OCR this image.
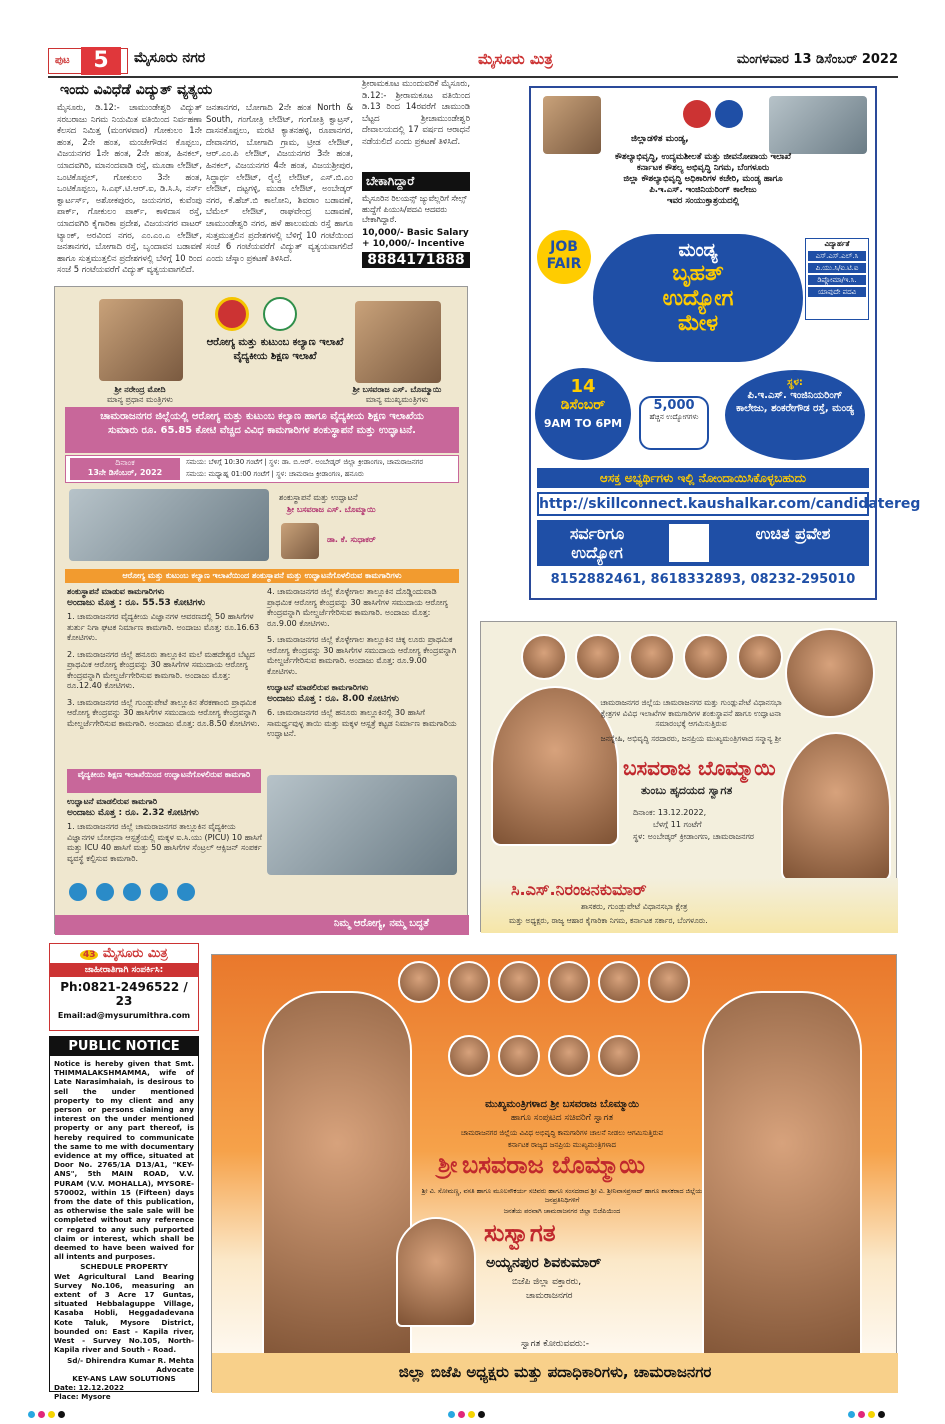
ಪುಟ	5	ಮೈಸೂರು ನಗರ	ಮೈಸೂರು ಮಿತ್ರ	ಮಂಗಳವಾರ 13 ಡಿಸೆಂಬರ್ 2022
ಇಂದು ವಿವಿಧೆಡೆ ವಿದ್ಯುತ್ ವ್ಯತ್ಯಯ
ಮೈಸೂರು, ಡಿ.12:- ಚಾಮುಂಡೇಶ್ವರಿ ವಿದ್ಯುತ್ ಸರಬರಾಜು ನಿಗಮ ನಿಯಮಿತ ವತಿಯಿಂದ ನಿರ್ವಹಣಾ ಕೆಲಸದ ನಿಮಿತ್ತ (ಮಂಗಳವಾರ) ಗೋಕುಲಂ 1ನೇ ಹಂತ, 2ನೇ ಹಂತ, ಮಂಚೇಗೌಡನ ಕೊಪ್ಪಲು, ವಿಜಯನಗರ 1ನೇ ಹಂತ, 2ನೇ ಹಂತ, ಹಿನಕಲ್, ಯಾದವಗಿರಿ, ಮಾನಂದವಾಡಿ ರಸ್ತೆ, ಮೂಡಾ ಲೇಔಟ್, ಒಂಟಿಕೊಪ್ಪಲ್, ಗೋಕುಲಂ 3ನೇ ಹಂತ, ಒಂಟಿಕೊಪ್ಪಲು, ಸಿ.ಎಫ್.ಟಿ.ಆರ್.ಐ, ಡಿ.ಸಿ.ಸಿ, ನರ್ಸ್ ಕ್ವಾರ್ಟರ್ಸ್, ಅಶೋಕಪುರಂ, ಜಯನಗರ, ಕುವೆಂಪು ಪಾರ್ಕ್, ಗೋಕುಲಂ ಪಾರ್ಕ್, ಕಾಳಿದಾಸ ರಸ್ತೆ, ಯಾದವಗಿರಿ ಕೈಗಾರಿಕಾ ಪ್ರದೇಶ, ವಿಜಯನಗರ ವಾಟರ್ ಟ್ಯಾಂಕ್, ಅರವಿಂದ ನಗರ, ಎಂ.ಎಂ.ಎ ಲೇಔಟ್, ಜನತಾನಗರ, ಬೋಗಾದಿ ರಸ್ತೆ, ಬೃಂದಾವನ ಬಡಾವಣೆ ಹಾಗೂ ಸುತ್ತಮುತ್ತಲಿನ ಪ್ರದೇಶಗಳಲ್ಲಿ ಬೆಳಿಗ್ಗೆ 10 ರಿಂದ ಸಂಜೆ 5 ಗಂಟೆಯವರೆಗೆ ವಿದ್ಯುತ್ ವ್ಯತ್ಯಯವಾಗಲಿದೆ.
ಜನತಾನಗರ, ಬೋಗಾದಿ 2ನೇ ಹಂತ North & South, ಗಂಗೋತ್ರಿ ಲೇಔಟ್, ಗಂಗೋತ್ರಿ ಕ್ವಾಟ್ರಸ್, ದಾಸನಕೊಪ್ಪಲು, ಮರಟಿ ಕ್ಯಾತನಹಳ್ಳಿ, ರೂಪಾನಗರ, ದೇವಾನಗರ, ಬೋಗಾದಿ ಗ್ರಾಮ, ಟ್ರೀಡ ಲೇಔಟ್, ಆರ್.ಎಂ.ಪಿ ಲೇಔಟ್, ವಿಜಯನಗರ 3ನೇ ಹಂತ, ಹಿನಕಲ್, ವಿಜಯನಗರ 4ನೇ ಹಂತ, ವಿಜಯಶ್ರೀಪುರ, ಸಿದ್ಧಾರ್ಥ ಲೇಔಟ್, ರೈಲ್ವೆ ಲೇಔಟ್, ಎಸ್.ಬಿ.ಎಂ ಲೇಔಟ್, ದಟ್ಟಗಳ್ಳಿ, ಮುಡಾ ಲೇಔಟ್, ಅಂಬೇಡ್ಕರ್ ನಗರ, ಕೆ.ಹೆಚ್.ಬಿ ಕಾಲೋನಿ, ಶಿವರಾಂ ಬಡಾವಣೆ, ಬೆಮೆಲ್ ಲೇಔಟ್, ರಾಘವೇಂದ್ರ ಬಡಾವಣೆ, ಚಾಮುಂಡೇಶ್ವರಿ ನಗರ, ಹಳೆ ಹಾಲುಮಡು ರಸ್ತೆ ಹಾಗೂ ಸುತ್ತಮುತ್ತಲಿನ ಪ್ರದೇಶಗಳಲ್ಲಿ ಬೆಳಿಗ್ಗೆ 10 ಗಂಟೆಯಿಂದ ಸಂಜೆ 6 ಗಂಟೆಯವರೆಗೆ ವಿದ್ಯುತ್ ವ್ಯತ್ಯಯವಾಗಲಿದೆ ಎಂದು ಚೆಸ್ಕಾಂ ಪ್ರಕಟಣೆ ತಿಳಿಸಿದೆ.
ಶ್ರೀರಾಮಕೂಟ ಮುಂದುವರಿಕೆ ಮೈಸೂರು, ಡಿ.12:- ಶ್ರೀರಾಮಕೂಟ ವತಿಯಿಂದ ಡಿ.13 ರಿಂದ 14ರವರೆಗೆ ಚಾಮುಂಡಿ ಬೆಟ್ಟದ ಶ್ರೀಚಾಮುಂಡೇಶ್ವರಿ ದೇವಾಲಯದಲ್ಲಿ 17 ವರ್ಷದ ಆರಾಧನೆ ನಡೆಯಲಿದೆ ಎಂದು ಪ್ರಕಟಣೆ ತಿಳಿಸಿದೆ.
ಬೇಕಾಗಿದ್ದಾರೆ
ಮೈಸೂರಿನ ರಿಲಯನ್ಸ್ ಜ್ಯುವೆಲ್ಲರಿಗೆ ಸೇಲ್ಸ್ ಹುದ್ದೆಗೆ ಪಿಯುಸಿ/ಪದವಿ ಆದವರು ಬೇಕಾಗಿದ್ದಾರೆ.
10,000/- Basic Salary + 10,000/- Incentive
8884171888
ಶ್ರೀ ನರೇಂದ್ರ ಮೋದಿ
ಮಾನ್ಯ ಪ್ರಧಾನ ಮಂತ್ರಿಗಳು
ಆರೋಗ್ಯ ಮತ್ತು ಕುಟುಂಬ ಕಲ್ಯಾಣ ಇಲಾಖೆ
ವೈದ್ಯಕೀಯ ಶಿಕ್ಷಣ ಇಲಾಖೆ
ಶ್ರೀ ಬಸವರಾಜ ಎಸ್. ಬೊಮ್ಮಾಯಿ
ಮಾನ್ಯ ಮುಖ್ಯಮಂತ್ರಿಗಳು
ಚಾಮರಾಜನಗರ ಜಿಲ್ಲೆಯಲ್ಲಿ ಆರೋಗ್ಯ ಮತ್ತು ಕುಟುಂಬ ಕಲ್ಯಾಣ ಹಾಗೂ ವೈದ್ಯಕೀಯ ಶಿಕ್ಷಣ ಇಲಾಖೆಯ ಸುಮಾರು ರೂ. 65.85 ಕೋಟಿ ವೆಚ್ಚದ ವಿವಿಧ ಕಾಮಗಾರಿಗಳ ಶಂಕುಸ್ಥಾಪನೆ ಮತ್ತು ಉದ್ಘಾಟನೆ.
ದಿನಾಂಕ
13ನೇ ಡಿಸೆಂಬರ್, 2022
ಸಮಯ: ಬೆಳಿಗ್ಗೆ 10:30 ಗಂಟೆಗೆ | ಸ್ಥಳ: ಡಾ. ಬಿ.ಆರ್. ಅಂಬೇಡ್ಕರ್ ಜಿಲ್ಲಾ ಕ್ರೀಡಾಂಗಣ, ಚಾಮರಾಜನಗರ
ಸಮಯ: ಮಧ್ಯಾಹ್ನ 01:00 ಗಂಟೆಗೆ | ಸ್ಥಳ: ಚಾಮರಾಜ ಕ್ರೀಡಾಂಗಣ, ಹನೂರು
ಶಂಕುಸ್ಥಾಪನೆ ಮತ್ತು ಉದ್ಘಾಟನೆ
ಶ್ರೀ ಬಸವರಾಜ ಎಸ್. ಬೊಮ್ಮಾಯಿ
ಡಾ. ಕೆ. ಸುಧಾಕರ್
ಆರೋಗ್ಯ ಮತ್ತು ಕುಟುಂಬ ಕಲ್ಯಾಣ ಇಲಾಖೆಯಿಂದ ಶಂಕುಸ್ಥಾಪನೆ ಮತ್ತು ಉದ್ಘಾಟನೆಗೊಳಲಿರುವ ಕಾಮಗಾರಿಗಳು
ಶಂಕುಸ್ಥಾಪನೆ ಮಾಡುವ ಕಾಮಗಾರಿಗಳು
ಅಂದಾಜು ಮೊತ್ತ : ರೂ. 55.53 ಕೋಟಿಗಳು
1. ಚಾಮರಾಜನಗರ ವೈದ್ಯಕೀಯ ವಿಜ್ಞಾನಗಳ ಆವರಣದಲ್ಲಿ 50 ಹಾಸಿಗೆಗಳ ತುರ್ತು ನಿಗಾ ಘಟಕ ನಿರ್ಮಾಣ ಕಾಮಗಾರಿ. ಅಂದಾಜು ಮೊತ್ತ: ರೂ.16.63 ಕೋಟಿಗಳು.
2. ಚಾಮರಾಜನಗರ ಜಿಲ್ಲೆ ಹನೂರು ತಾಲ್ಲೂಕಿನ ಮಲೆ ಮಹದೇಶ್ವರ ಬೆಟ್ಟದ ಪ್ರಾಥಮಿಕ ಆರೋಗ್ಯ ಕೇಂದ್ರವನ್ನು 30 ಹಾಸಿಗೆಗಳ ಸಮುದಾಯ ಆರೋಗ್ಯ ಕೇಂದ್ರವನ್ನಾಗಿ ಮೇಲ್ದರ್ಜೆಗೇರಿಸುವ ಕಾಮಗಾರಿ. ಅಂದಾಜು ಮೊತ್ತ: ರೂ.12.40 ಕೋಟಿಗಳು.
3. ಚಾಮರಾಜನಗರ ಜಿಲ್ಲೆ ಗುಂಡ್ಲುಪೇಟೆ ತಾಲ್ಲೂಕಿನ ತೆರಕಣಾಂಬಿ ಪ್ರಾಥಮಿಕ ಆರೋಗ್ಯ ಕೇಂದ್ರವನ್ನು 30 ಹಾಸಿಗೆಗಳ ಸಮುದಾಯ ಆರೋಗ್ಯ ಕೇಂದ್ರವನ್ನಾಗಿ ಮೇಲ್ದರ್ಜೆಗೇರಿಸುವ ಕಾಮಗಾರಿ. ಅಂದಾಜು ಮೊತ್ತ: ರೂ.8.50 ಕೋಟಿಗಳು.
4. ಚಾಮರಾಜನಗರ ಜಿಲ್ಲೆ ಕೊಳ್ಳೇಗಾಲ ತಾಲ್ಲೂಕಿನ ದೊಡ್ಡಿಂದುವಾಡಿ ಪ್ರಾಥಮಿಕ ಆರೋಗ್ಯ ಕೇಂದ್ರವನ್ನು 30 ಹಾಸಿಗೆಗಳ ಸಮುದಾಯ ಆರೋಗ್ಯ ಕೇಂದ್ರವನ್ನಾಗಿ ಮೇಲ್ದರ್ಜೆಗೇರಿಸುವ ಕಾಮಗಾರಿ. ಅಂದಾಜು ಮೊತ್ತ: ರೂ.9.00 ಕೋಟಿಗಳು.
5. ಚಾಮರಾಜನಗರ ಜಿಲ್ಲೆ ಕೊಳ್ಳೇಗಾಲ ತಾಲ್ಲೂಕಿನ ಚಿಕ್ಕ ಲೂರು ಪ್ರಾಥಮಿಕ ಆರೋಗ್ಯ ಕೇಂದ್ರವನ್ನು 30 ಹಾಸಿಗೆಗಳ ಸಮುದಾಯ ಆರೋಗ್ಯ ಕೇಂದ್ರವನ್ನಾಗಿ ಮೇಲ್ದರ್ಜೆಗೇರಿಸುವ ಕಾಮಗಾರಿ. ಅಂದಾಜು ಮೊತ್ತ: ರೂ.9.00 ಕೋಟಿಗಳು.
ಉದ್ಘಾಟನೆ ಮಾಡಲಿರುವ ಕಾಮಗಾರಿಗಳು
ಅಂದಾಜು ಮೊತ್ತ : ರೂ. 8.00 ಕೋಟಿಗಳು
6. ಚಾಮರಾಜನಗರ ಜಿಲ್ಲೆ ಹನೂರು ತಾಲ್ಲೂಕಿನಲ್ಲಿ 30 ಹಾಸಿಗೆ ಸಾಮರ್ಥ್ಯವುಳ್ಳ ತಾಯಿ ಮತ್ತು ಮಕ್ಕಳ ಆಸ್ಪತ್ರೆ ಕಟ್ಟಡ ನಿರ್ಮಾಣ ಕಾಮಗಾರಿಯ ಉದ್ಘಾಟನೆ.
ವೈದ್ಯಕೀಯ ಶಿಕ್ಷಣ ಇಲಾಖೆಯಿಂದ ಉದ್ಘಾಟನೆಗೊಳಲಿರುವ ಕಾಮಗಾರಿ
ಉದ್ಘಾಟನೆ ಮಾಡಲಿರುವ ಕಾಮಗಾರಿ
ಅಂದಾಜು ಮೊತ್ತ : ರೂ. 2.32 ಕೋಟಿಗಳು
1. ಚಾಮರಾಜನಗರ ಜಿಲ್ಲೆ ಚಾಮರಾಜನಗರ ತಾಲ್ಲೂಕಿನ ವೈದ್ಯಕೀಯ ವಿಜ್ಞಾನಗಳ ಬೋಧನಾ ಆಸ್ಪತ್ರೆಯಲ್ಲಿ ಮಕ್ಕಳ ಐ.ಸಿ.ಯು (PICU) 10 ಹಾಸಿಗೆ ಮತ್ತು ICU 40 ಹಾಸಿಗೆ ಮತ್ತು 50 ಹಾಸಿಗೆಗಳ ಸೆಂಟ್ರಲ್ ಆಕ್ಸಿಜನ್ ಸಂಪರ್ಕ ವ್ಯವಸ್ಥೆ ಕಲ್ಪಿಸುವ ಕಾಮಗಾರಿ.

ನಿಮ್ಮ ಆರೋಗ್ಯ, ನಮ್ಮ ಬದ್ಧತೆ
ಜಿಲ್ಲಾಡಳಿತ ಮಂಡ್ಯ,
ಕೌಶಲ್ಯಾಭಿವೃದ್ಧಿ, ಉದ್ಯಮಶೀಲತೆ ಮತ್ತು ಜೀವನೋಪಾಯ ಇಲಾಖೆ
ಕರ್ನಾಟಕ ಕೌಶಲ್ಯ ಅಭಿವೃದ್ಧಿ ನಿಗಮ, ಬೆಂಗಳೂರು
ಜಿಲ್ಲಾ ಕೌಶಲ್ಯಾಭಿವೃದ್ಧಿ ಅಧಿಕಾರಿಗಳ ಕಚೇರಿ, ಮಂಡ್ಯ ಹಾಗೂ
ಪಿ.ಇ.ಎಸ್. ಇಂಜಿನಿಯರಿಂಗ್ ಕಾಲೇಜು
ಇವರ ಸಂಯುಕ್ತಾಶ್ರಯದಲ್ಲಿ
JOB FAIR
ಮಂಡ್ಯ
ಬೃಹತ್
ಉದ್ಯೋಗ
ಮೇಳ
ವಿದ್ಯಾರ್ಹತೆ
ಎಸ್.ಎಸ್.ಎಲ್.ಸಿ
ಪಿ.ಯು.ಸಿ/ಐ.ಟಿ.ಐ
ಡಿಪ್ಲೋಮಾ/ಇ.ಸಿ.
ಯಾವುದೇ ಪದವಿ
14
ಡಿಸೆಂಬರ್
9AM TO 6PM
5,000
ಹೆಚ್ಚಿನ ಉದ್ಯೋಗಗಳು
ಸ್ಥಳ:
ಪಿ.ಇ.ಎಸ್. ಇಂಜಿನಿಯರಿಂಗ್ ಕಾಲೇಜು, ಶಂಕರೇಗೌಡ ರಸ್ತೆ, ಮಂಡ್ಯ
ಆಸಕ್ತ ಅಭ್ಯರ್ಥಿಗಳು ಇಲ್ಲಿ ನೋಂದಾಯಿಸಿಕೊಳ್ಳಬಹುದು
http://skillconnect.kaushalkar.com/candidatereg
ಸರ್ವರಿಗೂ ಉದ್ಯೋಗ
ಉಚಿತ ಪ್ರವೇಶ
8152882461, 8618332893, 08232-295010
ಚಾಮರಾಜನಗರ ಜಿಲ್ಲೆಯ ಚಾಮರಾಜನಗರ ಮತ್ತು ಗುಂಡ್ಲುಪೇಟೆ ವಿಧಾನಸಭಾ ಕ್ಷೇತ್ರಗಳ ವಿವಿಧ ಇಲಾಖೆಗಳ ಕಾಮಗಾರಿಗಳ ಶಂಕುಸ್ಥಾಪನೆ ಹಾಗೂ ಉದ್ಘಾಟನಾ ಸಮಾರಂಭಕ್ಕೆ ಆಗಮಿಸುತ್ತಿರುವ
ಜನಸ್ನೇಹಿ, ಅಭಿವೃದ್ಧಿ ಸರದಾರರು, ಜನಪ್ರಿಯ ಮುಖ್ಯಮಂತ್ರಿಗಳಾದ ಸನ್ಮಾನ್ಯ ಶ್ರೀ
ಬಸವರಾಜ ಬೊಮ್ಮಾಯಿ
ತುಂಬು ಹೃದಯದ ಸ್ವಾಗತ
ದಿನಾಂಕ: 13.12.2022,
ಬೆಳಗ್ಗೆ 11 ಗಂಟೆಗೆ
ಸ್ಥಳ: ಅಂಬೇಡ್ಕರ್ ಕ್ರೀಡಾಂಗಣ, ಚಾಮರಾಜನಗರ
ಸಿ.ಎಸ್.ನಿರಂಜನಕುಮಾರ್
ಶಾಸಕರು, ಗುಂಡ್ಲುಪೇಟೆ ವಿಧಾನಸಭಾ ಕ್ಷೇತ್ರ
ಮತ್ತು ಅಧ್ಯಕ್ಷರು, ರಾಜ್ಯ ಆಹಾರ ಕೈಗಾರಿಕಾ ನಿಗಮ, ಕರ್ನಾಟಕ ಸರ್ಕಾರ, ಬೆಂಗಳೂರು.
43 ಮೈಸೂರು ಮಿತ್ರ
ಜಾಹೀರಾತಿಗಾಗಿ ಸಂಪರ್ಕಿಸಿ:
Ph:0821-2496522 / 23
Email:ad@mysurumithra.com
PUBLIC NOTICE
Notice is hereby given that Smt. THIMMALAKSHMAMMA, wife of Late Narasimhaiah, is desirous to sell the under mentioned property to my client and any person or persons claiming any interest on the under mentioned property or any part thereof, is hereby required to communicate the same to me with documentary evidence at my office, situated at Door No. 2765/1A D13/A1, "KEY-ANS", 5th MAIN ROAD, V.V. PURAM (V.V. MOHALLA), MYSORE-570002, within 15 (Fifteen) days from the date of this publication, as otherwise the sale sale will be completed without any reference or regard to any such purported claim or interest, which shall be deemed to have been waived for all intents and purposes.
SCHEDULE PROPERTY
Wet Agricultural Land Bearing Survey No.106, measuring an extent of 3 Acre 17 Guntas, situated Hebbalaguppe Village, Kasaba Hobli, Heggadadevana Kote Taluk, Mysore District, bounded on: East - Kapila river, West - Survey No.105, North-Kapila river and South - Road.
Sd/- Dhirendra Kumar R. Mehta
Advocate
KEY-ANS LAW SOLUTIONS
Date: 12.12.2022
Place: Mysore
ಮುಖ್ಯಮಂತ್ರಿಗಳಾದ ಶ್ರೀ ಬಸವರಾಜ ಬೊಮ್ಮಾಯಿ
ಹಾಗೂ ಸಂಪುಟದ ಸಚಿವರಿಗೆ ಸ್ವಾಗತ
ಚಾಮರಾಜನಗರ ಜಿಲ್ಲೆಯ ವಿವಿಧ ಅಭಿವೃದ್ಧಿ ಕಾಮಗಾರಿಗಳ ಚಾಲನೆ ನೀಡಲು ಆಗಮಿಸುತ್ತಿರುವ
ಕರ್ನಾಟಕ ರಾಜ್ಯದ ಜನಪ್ರಿಯ ಮುಖ್ಯಮಂತ್ರಿಗಳಾದ
ಶ್ರೀ ಬಸವರಾಜ ಬೊಮ್ಮಾಯಿ
ಶ್ರೀ ವಿ. ಸೋಮಣ್ಣ, ವಸತಿ ಹಾಗೂ ಮೂಲಸೌಕರ್ಯ ಸಚಿವರು ಹಾಗೂ ಸಂಸದರಾದ ಶ್ರೀ ವಿ. ಶ್ರೀನಿವಾಸಪ್ರಸಾದ್ ಹಾಗೂ ಶಾಸಕರಾದ ಜಿಲ್ಲೆಯ ಜನಪ್ರತಿನಿಧಿಗಳಿಗೆ
ಜನತೆಯ ಪರವಾಗಿ ಚಾಮರಾಜನಗರ ಜಿಲ್ಲಾ ಬಿಜೆಪಿಯಿಂದ
ಸುಸ್ವಾಗತ
ಅಯ್ಯನಪುರ ಶಿವಕುಮಾರ್
ಬಿಜೆಪಿ ಜಿಲ್ಲಾ ವಕ್ತಾರರು,
ಚಾಮರಾಜನಗರ
ಸ್ವಾಗತ ಕೋರುವವರು:-
ಜಿಲ್ಲಾ ಬಿಜೆಪಿ ಅಧ್ಯಕ್ಷರು ಮತ್ತು ಪದಾಧಿಕಾರಿಗಳು, ಚಾಮರಾಜನಗರ
